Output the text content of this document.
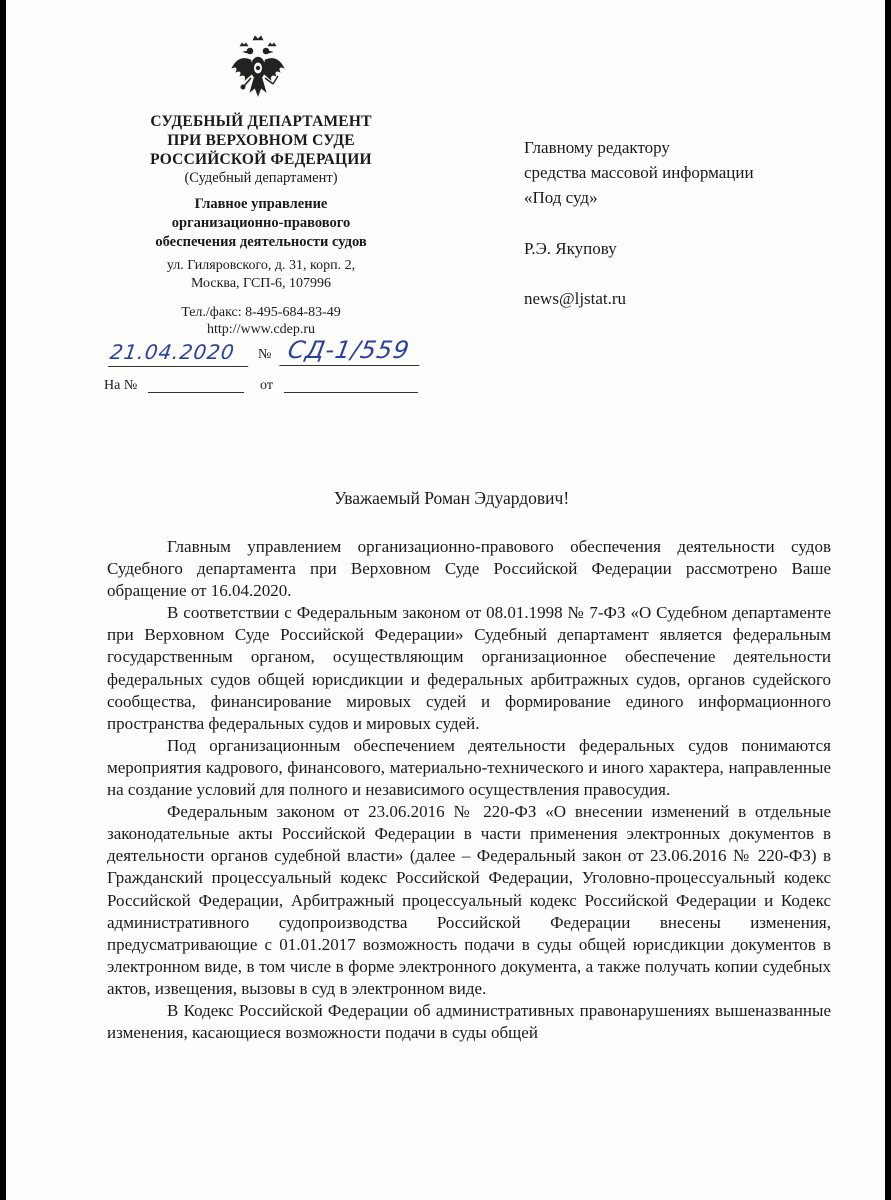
СУДЕБНЫЙ ДЕПАРТАМЕНТ
ПРИ ВЕРХОВНОМ СУДЕ
РОССИЙСКОЙ ФЕДЕРАЦИИ
(Судебный департамент)
Главное управление
организационно-правового
обеспечения деятельности судов
ул. Гиляровского, д. 31, корп. 2,
Москва, ГСП-6, 107996
Тел./факс: 8-495-684-83-49
http://www.cdep.ru
21.04.2020	№ СД-1/559
На №	от
Главному редактору
средства массовой информации
«Под суд»
Р.Э. Якупову
news@ljstat.ru
Уважаемый Роман Эдуардович!

Главным управлением организационно-правового обеспечения деятельности судов Судебного департамента при Верховном Суде Российской Федерации рассмотрено Ваше обращение от 16.04.2020.

В соответствии с Федеральным законом от 08.01.1998 № 7-ФЗ «О Судебном департаменте при Верховном Суде Российской Федерации» Судебный департамент является федеральным государственным органом, осуществляющим организационное обеспечение деятельности федеральных судов общей юрисдикции и федеральных арбитражных судов, органов судейского сообщества, финансирование мировых судей и формирование единого информационного пространства федеральных судов и мировых судей.

Под организационным обеспечением деятельности федеральных судов понимаются мероприятия кадрового, финансового, материально-технического и иного характера, направленные на создание условий для полного и независимого осуществления правосудия.

Федеральным законом от 23.06.2016 № 220-ФЗ «О внесении изменений в отдельные законодательные акты Российской Федерации в части применения электронных документов в деятельности органов судебной власти» (далее – Федеральный закон от 23.06.2016 № 220-ФЗ) в Гражданский процессуальный кодекс Российской Федерации, Уголовно-процессуальный кодекс Российской Федерации, Арбитражный процессуальный кодекс Российской Федерации и Кодекс административного судопроизводства Российской Федерации внесены изменения, предусматривающие с 01.01.2017 возможность подачи в суды общей юрисдикции документов в электронном виде, в том числе в форме электронного документа, а также получать копии судебных актов, извещения, вызовы в суд в электронном виде.

В Кодекс Российской Федерации об административных правонарушениях вышеназванные изменения, касающиеся возможности подачи в суды общей
